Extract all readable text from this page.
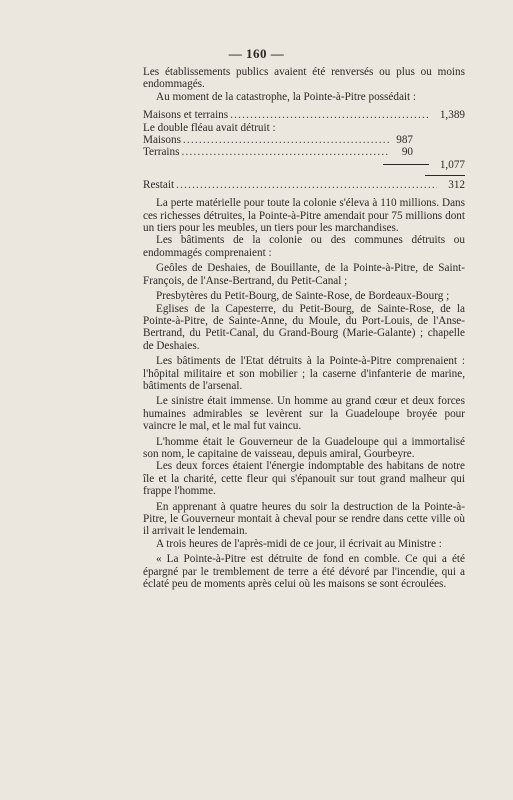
— 160 —

Les établissements publics avaient été renversés ou plus ou moins endommagés.

Au moment de la catastrophe, la Pointe-à-Pitre possédait :

Maisons et terrains .....	1,389

Le double fléau avait détruit :

Maisons .....	987
Terrains .....	90
1,077
Restait .....	312

La perte matérielle pour toute la colonie s'éleva à 110 millions. Dans ces richesses détruites, la Pointe-à-Pitre amendait pour 75 millions dont un tiers pour les meubles, un tiers pour les marchandises.

Les bâtiments de la colonie ou des communes détruits ou endommagés comprenaient :

Geôles de Deshaies, de Bouillante, de la Pointe-à-Pitre, de Saint-François, de l'Anse-Bertrand, du Petit-Canal ;

Presbytères du Petit-Bourg, de Sainte-Rose, de Bordeaux-Bourg ;

Eglises de la Capesterre, du Petit-Bourg, de Sainte-Rose, de la Pointe-à-Pitre, de Sainte-Anne, du Moule, du Port-Louis, de l'Anse-Bertrand, du Petit-Canal, du Grand-Bourg (Marie-Galante) ; chapelle de Deshaies.

Les bâtiments de l'Etat détruits à la Pointe-à-Pitre comprenaient : l'hôpital militaire et son mobilier ; la caserne d'infanterie de marine, bâtiments de l'arsenal.

Le sinistre était immense. Un homme au grand cœur et deux forces humaines admirables se levèrent sur la Guadeloupe broyée pour vaincre le mal, et le mal fut vaincu.

L'homme était le Gouverneur de la Guadeloupe qui a immortalisé son nom, le capitaine de vaisseau, depuis amiral, Gourbeyre.

Les deux forces étaient l'énergie indomptable des habitans de notre île et la charité, cette fleur qui s'épanouit sur tout grand malheur qui frappe l'homme.

En apprenant à quatre heures du soir la destruction de la Pointe-à-Pitre, le Gouverneur montait à cheval pour se rendre dans cette ville où il arrivait le lendemain.

A trois heures de l'après-midi de ce jour, il écrivait au Ministre :

« La Pointe-à-Pitre est détruite de fond en comble. Ce qui a été épargné par le tremblement de terre a été dévoré par l'incendie, qui a éclaté peu de moments après celui où les maisons se sont écroulées.
